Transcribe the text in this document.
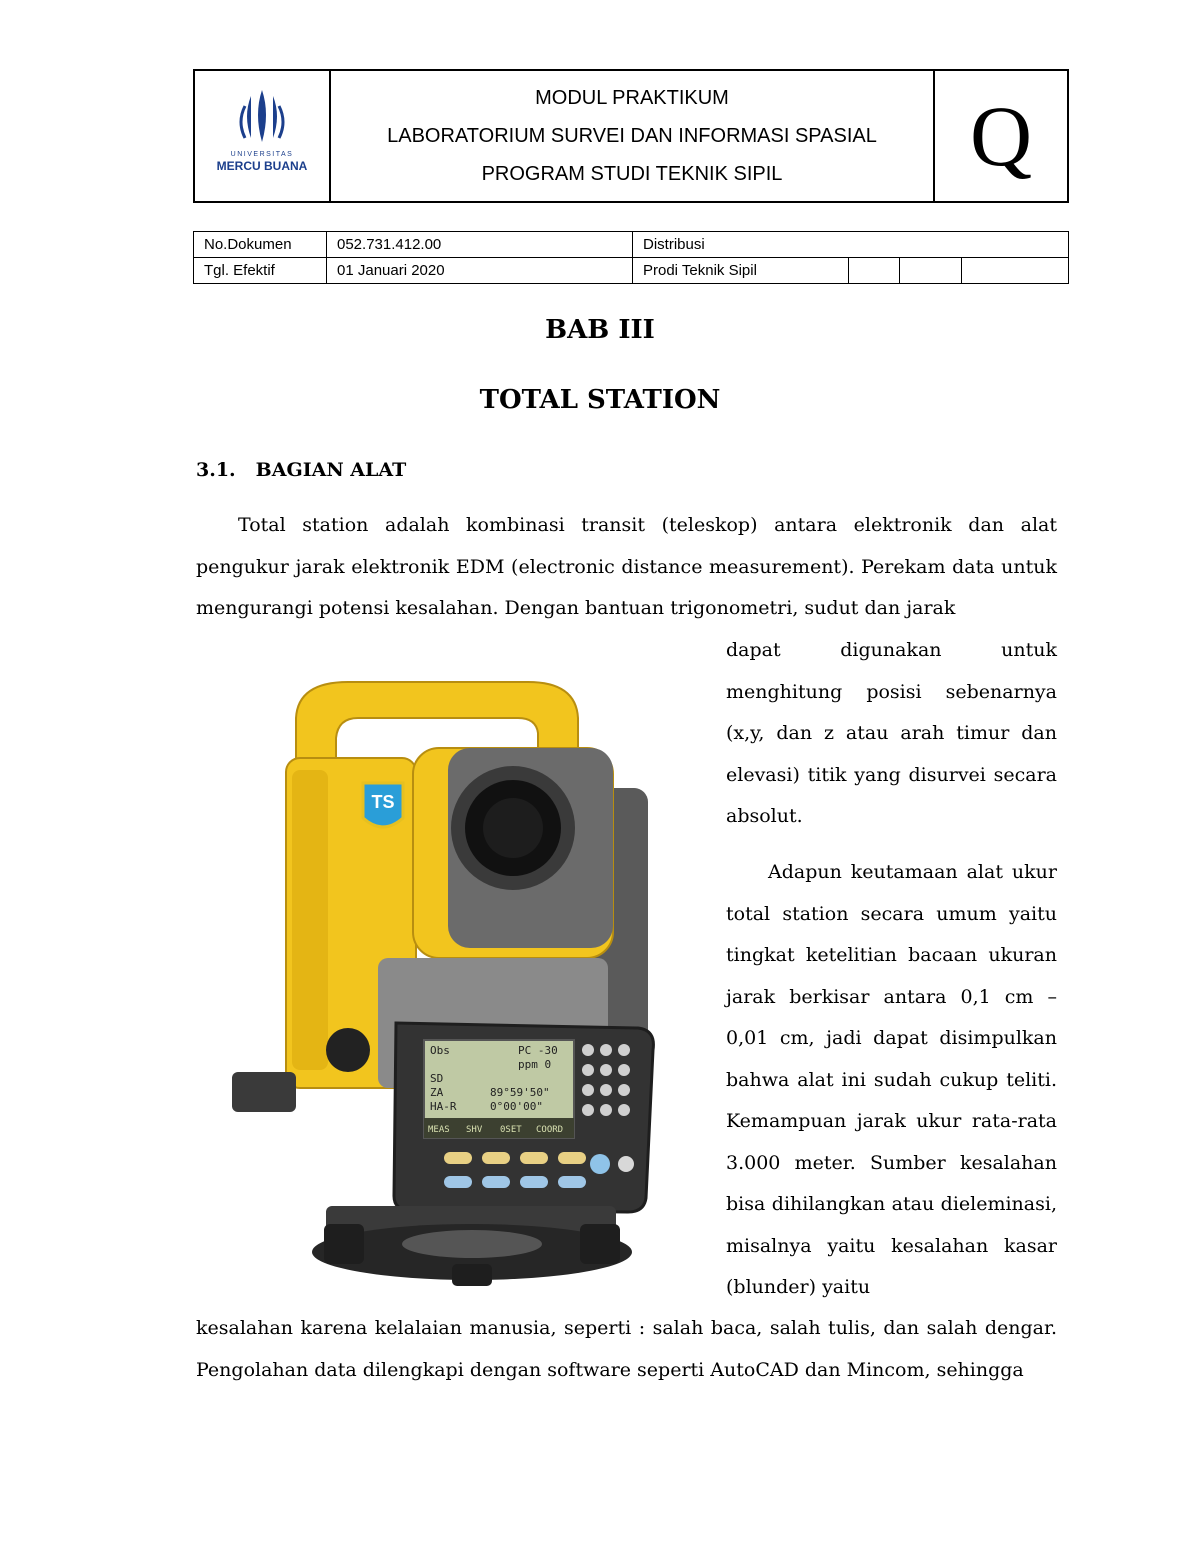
UNIVERSITAS
MERCU BUANA
MODUL PRAKTIKUM
LABORATORIUM SURVEI DAN INFORMASI SPASIAL
PROGRAM STUDI TEKNIK SIPIL	Q
No.Dokumen	052.731.412.00	Distribusi			
Tgl. Efektif	01 Januari 2020	Prodi Teknik Sipil			
BAB III
TOTAL STATION
3.1. BAGIAN ALAT

Total station adalah kombinasi transit (teleskop) antara elektronik dan alat pengukur jarak elektronik EDM (electronic distance measurement). Perekam data untuk mengurangi potensi kesalahan. Dengan bantuan trigonometri, sudut dan jarak

dapat digunakan untuk menghitung posisi sebenarnya (x,y, dan z atau arah timur dan elevasi) titik yang disurvei secara absolut.

Adapun keutamaan alat ukur total station secara umum yaitu tingkat ketelitian bacaan ukuran jarak berkisar antara 0,1 cm – 0,01 cm, jadi dapat disimpulkan bahwa alat ini sudah cukup teliti. Kemampuan jarak ukur rata-rata 3.000 meter. Sumber kesalahan bisa dihilangkan atau dieleminasi, misalnya yaitu kesalahan kasar (blunder) yaitu

kesalahan karena kelalaian manusia, seperti : salah baca, salah tulis, dan salah dengar. Pengolahan data dilengkapi dengan software seperti AutoCAD dan Mincom, sehingga

TS
Obs	PC -30
ppm 0
SD
ZA	89°59'50"
HA-R	0°00'00"
MEAS SHV 0SET COORD
